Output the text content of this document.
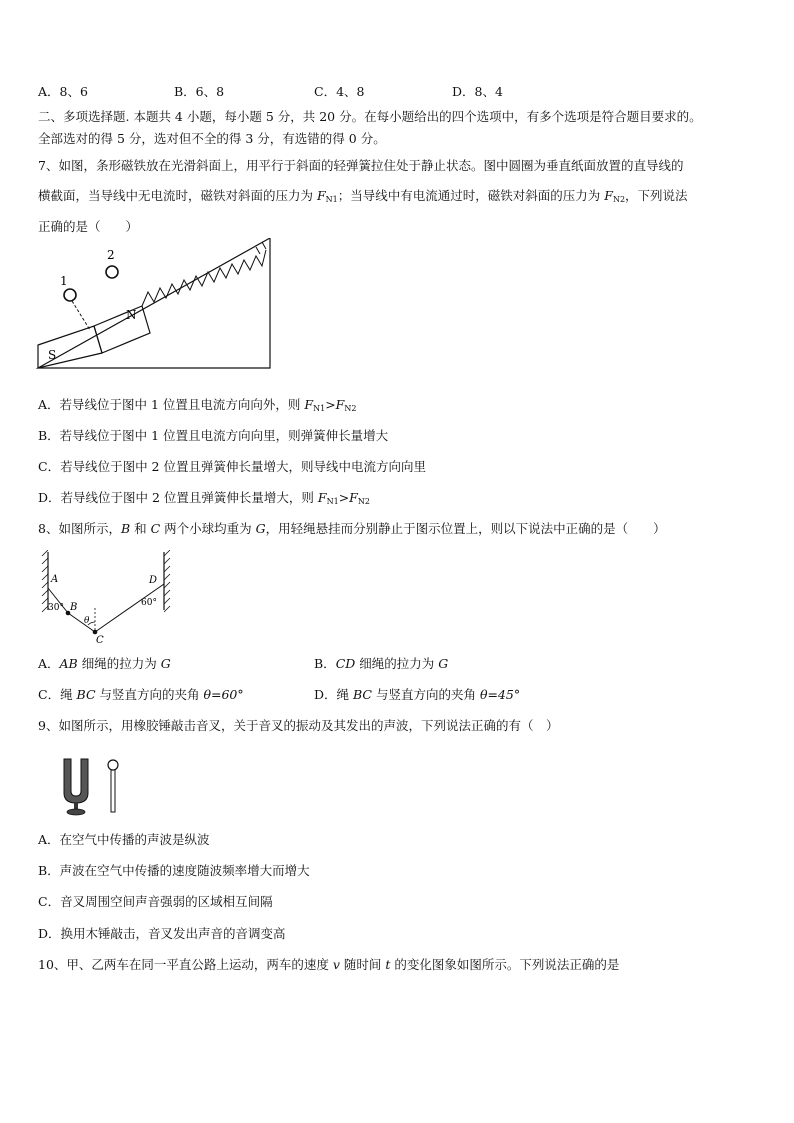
A．8、6	B．6、8	C．4、8	D．8、4
二、多项选择题. 本题共 4 小题，每小题 5 分，共 20 分。在每小题给出的四个选项中，有多个选项是符合题目要求的。
全部选对的得 5 分，选对但不全的得 3 分，有选错的得 0 分。
7、如图，条形磁铁放在光滑斜面上，用平行于斜面的轻弹簧拉住处于静止状态。图中圆圈为垂直纸面放置的直导线的
横截面，当导线中无电流时，磁铁对斜面的压力为 $F_{N1}$；当导线中有电流通过时，磁铁对斜面的压力为 $F_{N2}$，下列说法
正确的是（　　）
S
N
1
2
A．若导线位于图中 1 位置且电流方向向外，则 $F_{N1}>F_{N2}$
B．若导线位于图中 1 位置且电流方向向里，则弹簧伸长量增大
C．若导线位于图中 2 位置且弹簧伸长量增大，则导线中电流方向向里
D．若导线位于图中 2 位置且弹簧伸长量增大，则 $F_{N1}>F_{N2}$
8、如图所示，B 和 C 两个小球均重为 G，用轻绳悬挂而分别静止于图示位置上，则以下说法中正确的是（　　）
A
B
C
D
30°	60°
θ
A．AB 细绳的拉力为 G	B．CD 细绳的拉力为 G
C．绳 BC 与竖直方向的夹角 θ=60°	D．绳 BC 与竖直方向的夹角 θ=45°
9、如图所示，用橡胶锤敲击音叉，关于音叉的振动及其发出的声波，下列说法正确的有（　）
A．在空气中传播的声波是纵波
B．声波在空气中传播的速度随波频率增大而增大
C．音叉周围空间声音强弱的区域相互间隔
D．换用木锤敲击，音叉发出声音的音调变高
10、甲、乙两车在同一平直公路上运动，两车的速度 v 随时间 t 的变化图象如图所示。下列说法正确的是
